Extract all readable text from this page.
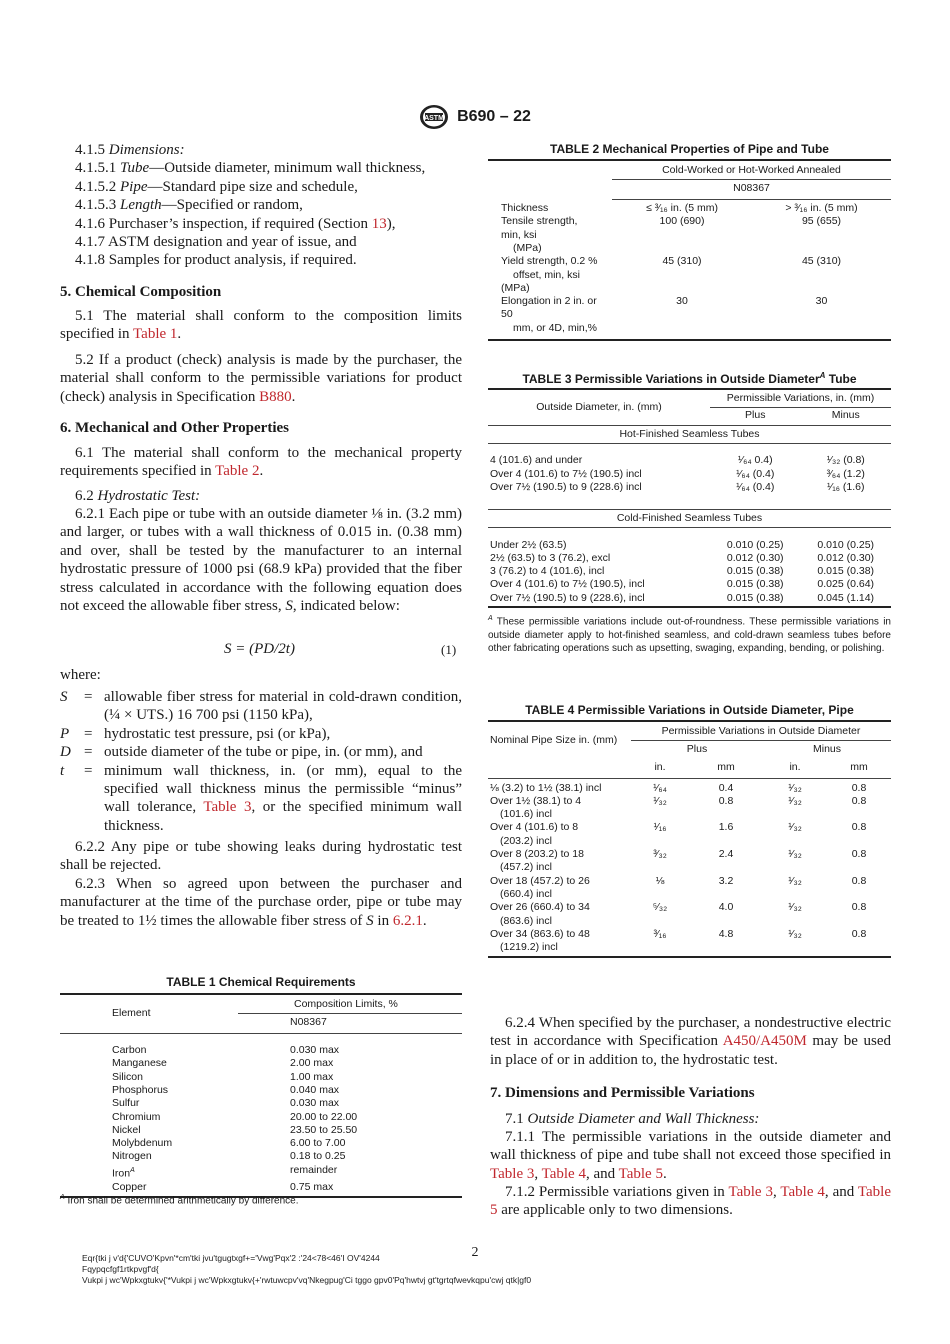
ASTM B690 – 22
4.1.5 Dimensions:
4.1.5.1 Tube—Outside diameter, minimum wall thickness,
4.1.5.2 Pipe—Standard pipe size and schedule,
4.1.5.3 Length—Specified or random,
4.1.6 Purchaser’s inspection, if required (Section 13),
4.1.7 ASTM designation and year of issue, and
4.1.8 Samples for product analysis, if required.
5. Chemical Composition
5.1 The material shall conform to the composition limits specified in Table 1.
5.2 If a product (check) analysis is made by the purchaser, the material shall conform to the permissible variations for product (check) analysis in Specification B880.
6. Mechanical and Other Properties
6.1 The material shall conform to the mechanical property requirements specified in Table 2.
6.2 Hydrostatic Test:
6.2.1 Each pipe or tube with an outside diameter ⅛ in. (3.2 mm) and larger, or tubes with a wall thickness of 0.015 in. (0.38 mm) and over, shall be tested by the manufacturer to an internal hydrostatic pressure of 1000 psi (68.9 kPa) provided that the fiber stress calculated in accordance with the following equation does not exceed the allowable fiber stress, S, indicated below:
S = (PD/2t)	(1)
where:
S	= allowable fiber stress for material in cold-drawn condition, (¼ × UTS.) 16 700 psi (1150 kPa),
P = hydrostatic test pressure, psi (or kPa),
D = outside diameter of the tube or pipe, in. (or mm), and
t	= minimum wall thickness, in. (or mm), equal to the specified wall thickness minus the permissible “minus” wall tolerance, Table 3, or the specified minimum wall thickness.
6.2.2 Any pipe or tube showing leaks during hydrostatic test shall be rejected.
6.2.3 When so agreed upon between the purchaser and manufacturer at the time of the purchase order, pipe or tube may be treated to 1½ times the allowable fiber stress of S in 6.2.1.
TABLE 1 Chemical Requirements
Element	Composition Limits, %
	N08367

Carbon	0.030 max
Manganese	2.00 max
Silicon	1.00 max
Phosphorus	0.040 max
Sulfur	0.030 max
Chromium	20.00 to 22.00
Nickel	23.50 to 25.50
Molybdenum	6.00 to 7.00
Nitrogen	0.18 to 0.25
Iron$^A$	remainder
Copper	0.75 max
$^A$ Iron shall be determined arithmetically by difference.
TABLE 2 Mechanical Properties of Pipe and Tube
	Cold-Worked or Hot-Worked Annealed	
	N08367	

Thickness	≤ ³⁄₁₆ in. (5 mm)	> ³⁄₁₆ in. (5 mm)

Tensile strength,
min, ksi
(MPa)	100 (690)	95 (655)

Yield strength, 0.2 %
offset, min, ksi
(MPa)	45 (310)	45 (310)

Elongation in 2 in. or
50
mm, or 4D, min,%	30	30
TABLE 3 Permissible Variations in Outside Diameter$^A$ Tube
Outside Diameter, in. (mm)	Permissible Variations, in. (mm)	
	Plus	Minus
Hot-Finished Seamless Tubes		

4 (101.6) and under	¹⁄₆₄ 0.4)	¹⁄₃₂ (0.8)
Over 4 (101.6) to 7½ (190.5) incl	¹⁄₆₄ (0.4)	³⁄₆₄ (1.2)
Over 7½ (190.5) to 9 (228.6) incl	¹⁄₆₄ (0.4)	¹⁄₁₆ (1.6)

Cold-Finished Seamless Tubes		

Under 2½ (63.5)	0.010 (0.25)	0.010 (0.25)
2½ (63.5) to 3 (76.2), excl	0.012 (0.30)	0.012 (0.30)
3 (76.2) to 4 (101.6), incl	0.015 (0.38)	0.015 (0.38)
Over 4 (101.6) to 7½ (190.5), incl	0.015 (0.38)	0.025 (0.64)
Over 7½ (190.5) to 9 (228.6), incl	0.015 (0.38)	0.045 (1.14)
$^A$ These permissible variations include out-of-roundness. These permissible variations in outside diameter apply to hot-finished seamless, and cold-drawn seamless tubes before other fabricating operations such as upsetting, swaging, expanding, bending, or polishing.
TABLE 4 Permissible Variations in Outside Diameter, Pipe
Nominal Pipe Size in. (mm)	Permissible Variations in Outside Diameter			
	Plus		Minus	
	in.	mm	in.	mm

⅛ (3.2) to 1½ (38.1) incl	¹⁄₆₄	0.4	¹⁄₃₂	0.8

Over 1½ (38.1) to 4
(101.6) incl	¹⁄₃₂	0.8	¹⁄₃₂	0.8

Over 4 (101.6) to 8
(203.2) incl	¹⁄₁₆	1.6	¹⁄₃₂	0.8

Over 8 (203.2) to 18
(457.2) incl	³⁄₃₂	2.4	¹⁄₃₂	0.8

Over 18 (457.2) to 26
(660.4) incl	⅛	3.2	¹⁄₃₂	0.8

Over 26 (660.4) to 34
(863.6) incl	⁵⁄₃₂	4.0	¹⁄₃₂	0.8

Over 34 (863.6) to 48
(1219.2) incl	³⁄₁₆	4.8	¹⁄₃₂	0.8
6.2.4 When specified by the purchaser, a nondestructive electric test in accordance with Specification A450/A450M may be used in place of or in addition to, the hydrostatic test.
7. Dimensions and Permissible Variations
7.1 Outside Diameter and Wall Thickness:
7.1.1 The permissible variations in the outside diameter and wall thickness of pipe and tube shall not exceed those specified in Table 3, Table 4, and Table 5.
7.1.2 Permissible variations given in Table 3, Table 4, and Table 5 are applicable only to two dimensions.
2
Eqr{tki j v'd{'CUVO'Kpvn'*cm'tki jvu'tgugtxgf+='Vwg'Pqx'2 :'24<78<46'I OV'4244
Fqypqcfgf1rtkpvgf'd{
Vukpi j wc'Wpkxgtukv{'*Vukpi j wc'Wpkxgtukv{+'rwtuwcpv'vq'Nkegpug'Ci tggo gpv0'Pq'hwtvj gt'tgrtqfwevkqpu'cwj qtk|gf0
